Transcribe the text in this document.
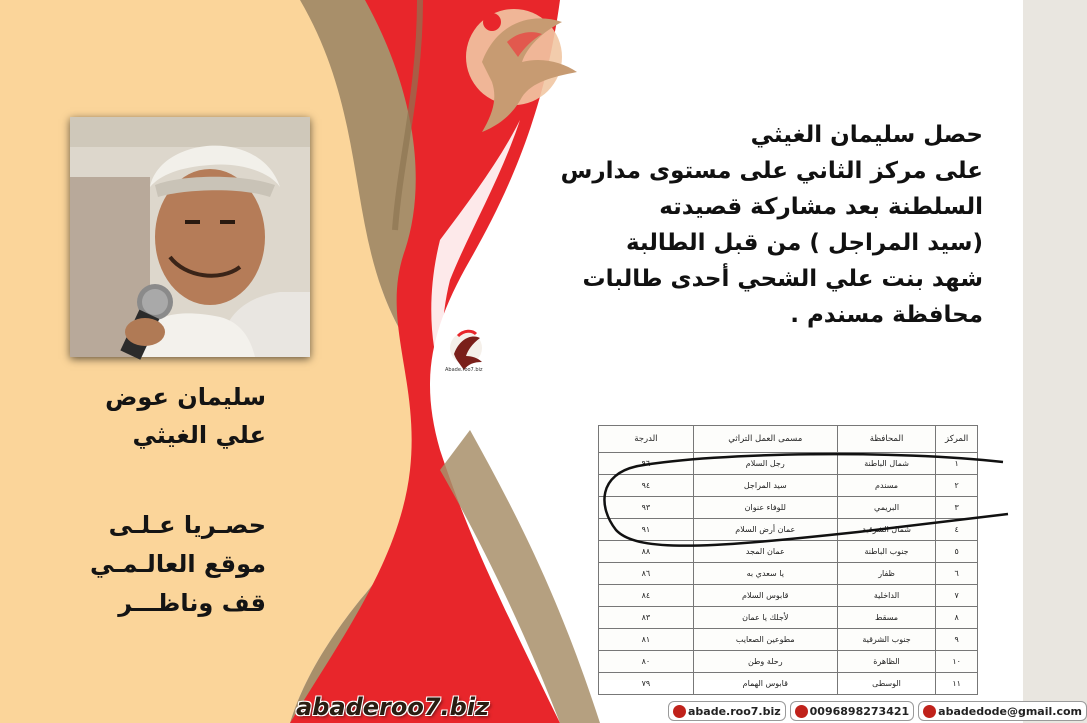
Abade.roo7.biz
سليمان عوض
علي الغيثي
حصـريا عـلـى
موقع العالـمـي
قف وناظـــر
حصل سليمان الغيثي
على مركز الثاني على مستوى مدارس
السلطنة بعد مشاركة قصيدته
(سيد المراجل ) من قبل الطالبة
شهد بنت علي الشحي أحدى طالبات
محافظة مسندم .
المركز	المحافظة	مسمى العمل التراثي	الدرجة
١	شمال الباطنة	رجل السلام	٩٦
٢	مسندم	سيد المراجل	٩٤
٣	البريمي	للوفاء عنوان	٩٣
٤	شمال الشرقية	عمان أرض السلام	٩١
٥	جنوب الباطنة	عمان المجد	٨٨
٦	ظفار	يا سعدي به	٨٦
٧	الداخلية	قابوس السلام	٨٤
٨	مسقط	لأجلك يا عمان	٨٣
٩	جنوب الشرقية	مطوعين الصعايب	٨١
١٠	الظاهرة	رحلة وطن	٨٠
١١	الوسطى	قابوس الهمام	٧٩
abaderoo7.biz	abade.roo7.biz	0096898273421	abadedode@gmail.com
